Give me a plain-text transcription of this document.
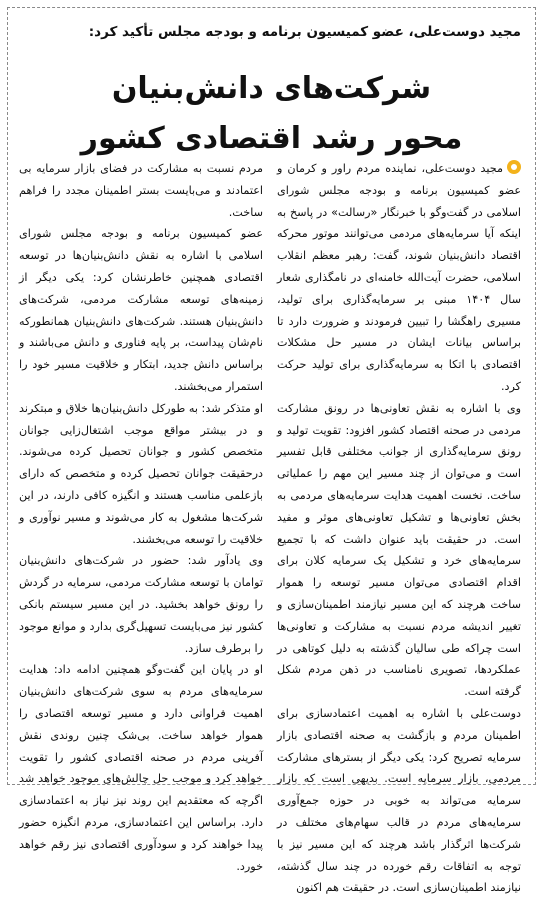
مجید دوست‌علی، عضو کمیسیون برنامه و بودجه مجلس تأکید کرد:
شرکت‌های دانش‌بنیان
محور رشد اقتصادی کشور

مجید دوست‌علی، نماینده مردم راور و کرمان و عضو کمیسیون برنامه و بودجه مجلس شورای اسلامی در گفت‌وگو با خبرنگار «رسالت» در پاسخ به اینکه آیا سرمایه‌های مردمی می‌توانند موتور محرکه اقتصاد دانش‌بنیان شوند، گفت: رهبر معظم انقلاب اسلامی، حضرت آیت‌الله خامنه‌ای در نامگذاری شعار سال ۱۴۰۴ مبنی بر سرمایه‌گذاری برای تولید، مسیری راهگشا را تبیین فرمودند و ضرورت دارد تا براساس بیانات ایشان در مسیر حل مشکلات اقتصادی با اتکا به سرمایه‌گذاری برای تولید حرکت کرد.

وی با اشاره به نقش تعاونی‌ها در رونق مشارکت مردمی در صحنه اقتصاد کشور افزود: تقویت تولید و رونق سرمایه‌گذاری از جوانب مختلفی قابل تفسیر است و می‌توان از چند مسیر این مهم را عملیاتی ساخت. نخست اهمیت هدایت سرمایه‌های مردمی به بخش تعاونی‌ها و تشکیل تعاونی‌های موثر و مفید است. در حقیقت باید عنوان داشت که با تجمیع سرمایه‌های خرد و تشکیل یک سرمایه کلان برای اقدام اقتصادی می‌توان مسیر توسعه را هموار ساخت هرچند که این مسیر نیازمند اطمینان‌سازی و تغییر اندیشه مردم نسبت به مشارکت و تعاونی‌ها است چراکه طی سالیان گذشته به دلیل کوتاهی در عملکردها، تصویری نامناسب در ذهن مردم شکل گرفته است.

دوست‌علی با اشاره به اهمیت اعتمادسازی برای اطمینان مردم و بازگشت به صحنه اقتصادی بازار سرمایه تصریح کرد: یکی دیگر از بسترهای مشارکت مردمی، بازار سرمایه است. بدیهی است که بازار سرمایه می‌تواند به خوبی در حوزه جمع‌آوری سرمایه‌های مردم در قالب سهام‌های مختلف در شرکت‌ها اثرگذار باشد هرچند که این مسیر نیز با توجه به اتفاقات رقم خورده در چند سال گذشته، نیازمند اطمینان‌سازی است. در حقیقت هم اکنون

مردم نسبت به مشارکت در فضای بازار سرمایه بی اعتمادند و می‌بایست بستر اطمینان مجدد را فراهم ساخت.

عضو کمیسیون برنامه و بودجه مجلس شورای اسلامی با اشاره به نقش دانش‌بنیان‌ها در توسعه اقتصادی همچنین خاطرنشان کرد: یکی دیگر از زمینه‌های توسعه مشارکت مردمی، شرکت‌های دانش‌بنیان هستند. شرکت‌های دانش‌بنیان همانطورکه نام‌شان پیداست، بر پایه فناوری و دانش می‌باشند و براساس دانش جدید، ابتکار و خلاقیت مسیر خود را استمرار می‌بخشند.

او متذکر شد: به طورکل دانش‌بنیان‌ها خلاق و مبتکرند و در بیشتر مواقع موجب اشتغال‌زایی جوانان متخصص کشور و جوانان تحصیل کرده می‌شوند. درحقیقت جوانان تحصیل کرده و متخصص که دارای بازعلمی مناسب هستند و انگیزه کافی دارند، در این شرکت‌ها مشغول به کار می‌شوند و مسیر نوآوری و خلاقیت را توسعه می‌بخشند.

وی یادآور شد: حضور در شرکت‌های دانش‌بنیان توامان با توسعه مشارکت مردمی، سرمایه در گردش را رونق خواهد بخشید. در این مسیر سیستم بانکی کشور نیز می‌بایست تسهیل‌گری بدارد و موانع موجود را برطرف سازد.

او در پایان این گفت‌وگو همچنین ادامه داد: هدایت سرمایه‌های مردم به سوی شرکت‌های دانش‌بنیان اهمیت فراوانی دارد و مسیر توسعه اقتصادی را هموار خواهد ساخت. بی‌شک چنین روندی نقش آفرینی مردم در صحنه اقتصادی کشور را تقویت خواهد کرد و موجب حل چالش‌های موجود خواهد شد اگرچه که معتقدیم این روند نیز نیاز به اعتمادسازی دارد. براساس این اعتمادسازی، مردم انگیزه حضور پیدا خواهند کرد و سودآوری اقتصادی نیز رقم خواهد خورد.
